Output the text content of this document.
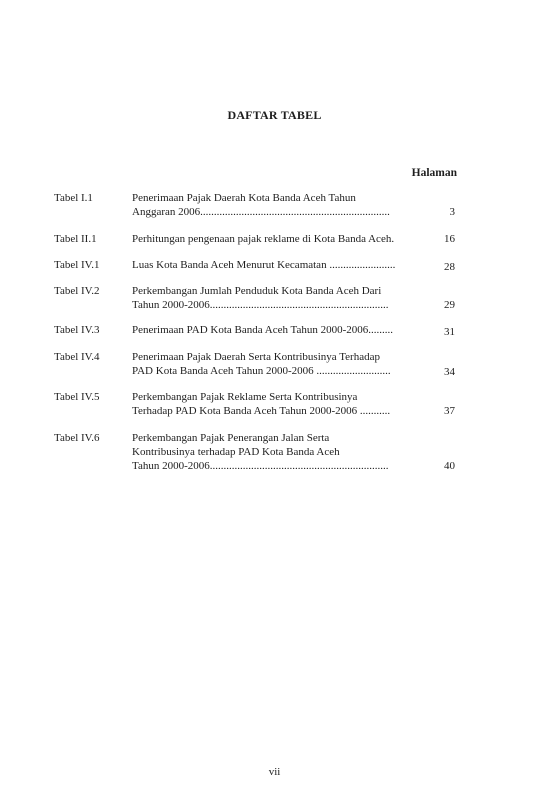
DAFTAR TABEL
Halaman
Tabel I.1	Penerimaan Pajak Daerah Kota Banda Aceh Tahun
Anggaran 2006.....................................................................	3
Tabel II.1	Perhitungan pengenaan pajak reklame di Kota Banda Aceh.	16
Tabel IV.1	Luas Kota Banda Aceh Menurut Kecamatan ........................	28
Tabel IV.2	Perkembangan Jumlah Penduduk Kota Banda Aceh Dari
Tahun 2000-2006.................................................................	29
Tabel IV.3	Penerimaan PAD Kota Banda Aceh Tahun 2000-2006.........	31
Tabel IV.4	Penerimaan Pajak Daerah Serta Kontribusinya Terhadap
PAD Kota Banda Aceh Tahun 2000-2006 ...........................	34
Tabel IV.5	Perkembangan Pajak Reklame Serta Kontribusinya
Terhadap PAD Kota Banda Aceh Tahun 2000-2006 ...........	37
Tabel IV.6	Perkembangan Pajak Penerangan Jalan Serta
Kontribusinya terhadap PAD Kota Banda Aceh
Tahun 2000-2006.................................................................	40
vii
